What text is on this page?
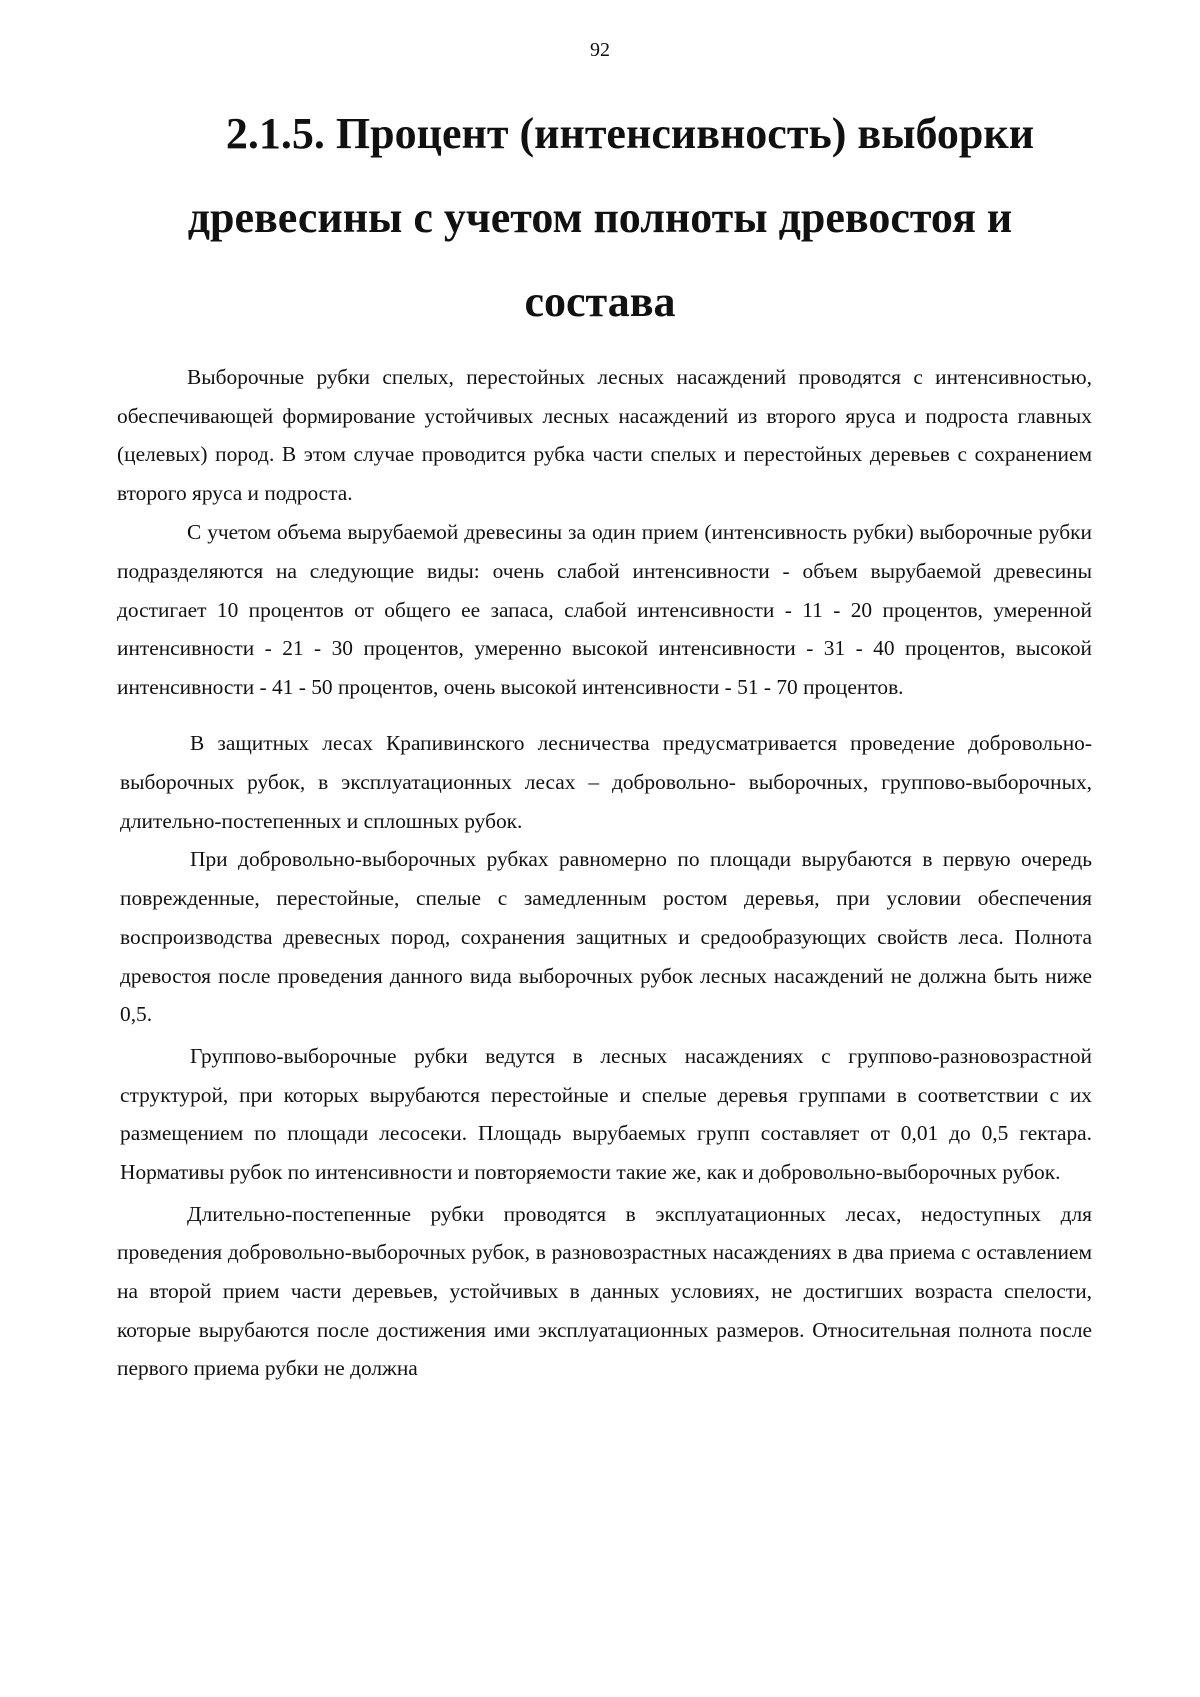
92
2.1.5. Процент (интенсивность) выборки
древесины с учетом полноты древостоя и
состава

Выборочные рубки спелых, перестойных лесных насаждений проводятся с интенсивностью, обеспечивающей формирование устойчивых лесных насаждений из второго яруса и подроста главных (целевых) пород. В этом случае проводится рубка части спелых и перестойных деревьев с сохранением второго яруса и подроста.

С учетом объема вырубаемой древесины за один прием (интенсивность рубки) выборочные рубки подразделяются на следующие виды: очень слабой интенсивности - объем вырубаемой древесины достигает 10 процентов от общего ее запаса, слабой интенсивности - 11 - 20 процентов, умеренной интенсивности - 21 - 30 процентов, умеренно высокой интенсивности - 31 - 40 процентов, высокой интенсивности - 41 - 50 процентов, очень высокой интенсивности - 51 - 70 процентов.

В защитных лесах Крапивинского лесничества предусматривается проведение добровольно-выборочных рубок, в эксплуатационных лесах – добровольно- выборочных, группово-выборочных, длительно-постепенных и сплошных рубок.

При добровольно-выборочных рубках равномерно по площади вырубаются в первую очередь поврежденные, перестойные, спелые с замедленным ростом деревья, при условии обеспечения воспроизводства древесных пород, сохранения защитных и средообразующих свойств леса. Полнота древостоя после проведения данного вида выборочных рубок лесных насаждений не должна быть ниже 0,5.

Группово-выборочные рубки ведутся в лесных насаждениях с группово-разновозрастной структурой, при которых вырубаются перестойные и спелые деревья группами в соответствии с их размещением по площади лесосеки. Площадь вырубаемых групп составляет от 0,01 до 0,5 гектара. Нормативы рубок по интенсивности и повторяемости такие же, как и добровольно-выборочных рубок.

Длительно-постепенные рубки проводятся в эксплуатационных лесах, недоступных для проведения добровольно-выборочных рубок, в разновозрастных насаждениях в два приема с оставлением на второй прием части деревьев, устойчивых в данных условиях, не достигших возраста спелости, которые вырубаются после достижения ими эксплуатационных размеров. Относительная полнота после первого приема рубки не должна
